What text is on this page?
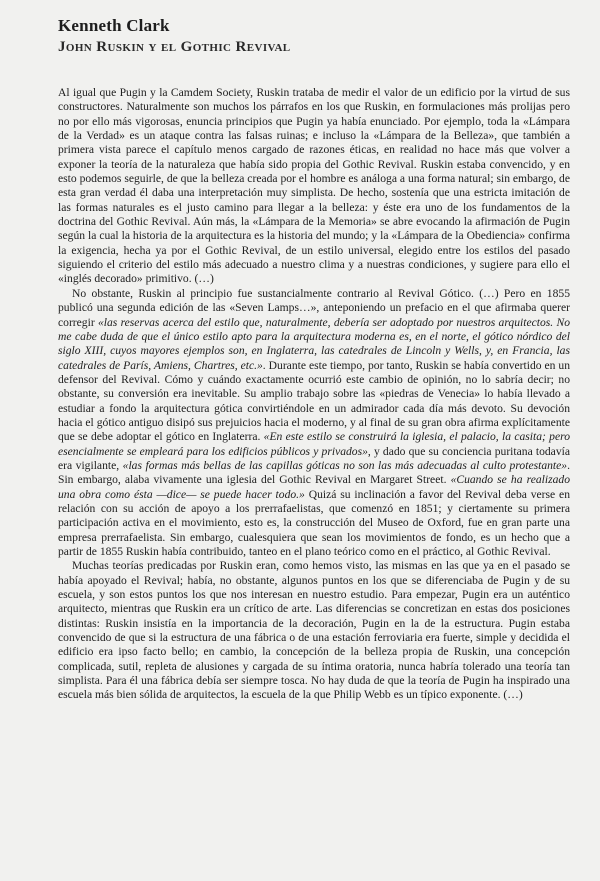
Kenneth Clark
John Ruskin y el Gothic Revival

Al igual que Pugin y la Camdem Society, Ruskin trataba de medir el valor de un edificio por la virtud de sus constructores. Naturalmente son muchos los párrafos en los que Ruskin, en formulaciones más prolijas pero no por ello más vigorosas, enuncia principios que Pugin ya había enunciado. Por ejemplo, toda la «Lámpara de la Verdad» es un ataque contra las falsas ruinas; e incluso la «Lámpara de la Belleza», que también a primera vista parece el capítulo menos cargado de razones éticas, en realidad no hace más que volver a exponer la teoría de la naturaleza que había sido propia del Gothic Revival. Ruskin estaba convencido, y en esto podemos seguirle, de que la belleza creada por el hombre es análoga a una forma natural; sin embargo, de esta gran verdad él daba una interpretación muy simplista. De hecho, sostenía que una estricta imitación de las formas naturales es el justo camino para llegar a la belleza: y éste era uno de los fundamentos de la doctrina del Gothic Revival. Aún más, la «Lámpara de la Memoria» se abre evocando la afirmación de Pugin según la cual la historia de la arquitectura es la historia del mundo; y la «Lámpara de la Obediencia» confirma la exigencia, hecha ya por el Gothic Revival, de un estilo universal, elegido entre los estilos del pasado siguiendo el criterio del estilo más adecuado a nuestro clima y a nuestras condiciones, y sugiere para ello el «inglés decorado» primitivo. (…)

No obstante, Ruskin al principio fue sustancialmente contrario al Revival Gótico. (…) Pero en 1855 publicó una segunda edición de las «Seven Lamps…», anteponiendo un prefacio en el que afirmaba querer corregir «las reservas acerca del estilo que, naturalmente, debería ser adoptado por nuestros arquitectos. No me cabe duda de que el único estilo apto para la arquitectura moderna es, en el norte, el gótico nórdico del siglo XIII, cuyos mayores ejemplos son, en Inglaterra, las catedrales de Lincoln y Wells, y, en Francia, las catedrales de París, Amiens, Chartres, etc.». Durante este tiempo, por tanto, Ruskin se había convertido en un defensor del Revival. Cómo y cuándo exactamente ocurrió este cambio de opinión, no lo sabría decir; no obstante, su conversión era inevitable. Su amplio trabajo sobre las «piedras de Venecia» lo había llevado a estudiar a fondo la arquitectura gótica convirtiéndole en un admirador cada día más devoto. Su devoción hacia el gótico antiguo disipó sus prejuicios hacia el moderno, y al final de su gran obra afirma explícitamente que se debe adoptar el gótico en Inglaterra. «En este estilo se construirá la iglesia, el palacio, la casita; pero esencialmente se empleará para los edificios públicos y privados», y dado que su conciencia puritana todavía era vigilante, «las formas más bellas de las capillas góticas no son las más adecuadas al culto protestante». Sin embargo, alaba vivamente una iglesia del Gothic Revival en Margaret Street. «Cuando se ha realizado una obra como ésta —dice— se puede hacer todo.» Quizá su inclinación a favor del Revival deba verse en relación con su acción de apoyo a los prerrafaelistas, que comenzó en 1851; y ciertamente su primera participación activa en el movimiento, esto es, la construcción del Museo de Oxford, fue en gran parte una empresa prerrafaelista. Sin embargo, cualesquiera que sean los movimientos de fondo, es un hecho que a partir de 1855 Ruskin había contribuido, tanteo en el plano teórico como en el práctico, al Gothic Revival.

Muchas teorías predicadas por Ruskin eran, como hemos visto, las mismas en las que ya en el pasado se había apoyado el Revival; había, no obstante, algunos puntos en los que se diferenciaba de Pugin y de su escuela, y son estos puntos los que nos interesan en nuestro estudio. Para empezar, Pugin era un auténtico arquitecto, mientras que Ruskin era un crítico de arte. Las diferencias se concretizan en estas dos posiciones distintas: Ruskin insistía en la importancia de la decoración, Pugin en la de la estructura. Pugin estaba convencido de que si la estructura de una fábrica o de una estación ferroviaria era fuerte, simple y decidida el edificio era ipso facto bello; en cambio, la concepción de la belleza propia de Ruskin, una concepción complicada, sutil, repleta de alusiones y cargada de su íntima oratoria, nunca habría tolerado una teoría tan simplista. Para él una fábrica debía ser siempre tosca. No hay duda de que la teoría de Pugin ha inspirado una escuela más bien sólida de arquitectos, la escuela de la que Philip Webb es un típico exponente. (…)
